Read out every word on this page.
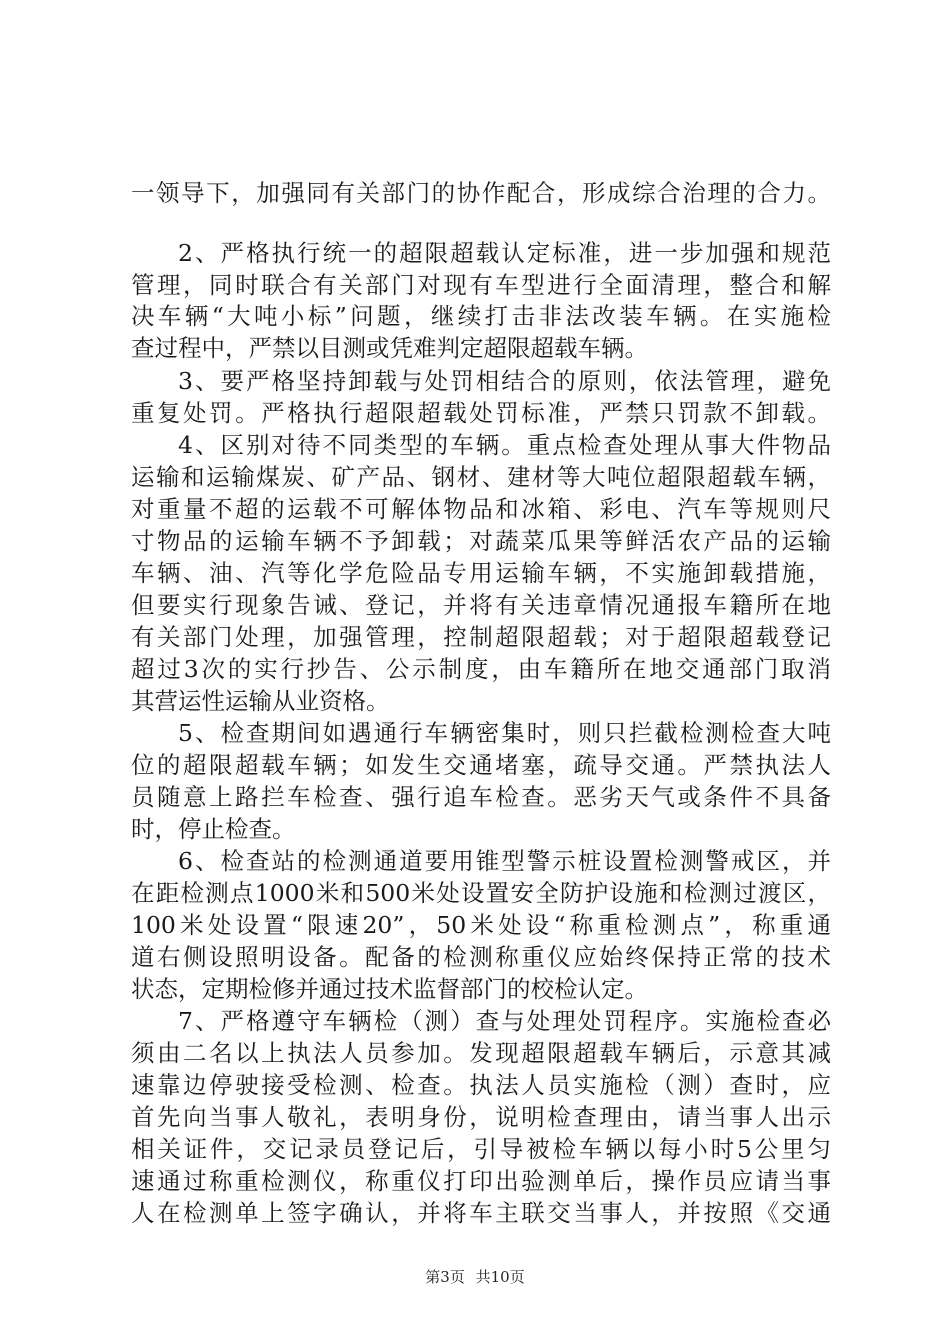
一领导下，加强同有关部门的协作配合，形成综合治理的合力。
2、严格执行统一的超限超载认定标准，进一步加强和规范
管理，同时联合有关部门对现有车型进行全面清理，整合和解
决车辆“大吨小标”问题，继续打击非法改装车辆。在实施检
查过程中，严禁以目测或凭难判定超限超载车辆。
3、要严格坚持卸载与处罚相结合的原则，依法管理，避免
重复处罚。严格执行超限超载处罚标准，严禁只罚款不卸载。
4、区别对待不同类型的车辆。重点检查处理从事大件物品
运输和运输煤炭、矿产品、钢材、建材等大吨位超限超载车辆，
对重量不超的运载不可解体物品和冰箱、彩电、汽车等规则尺
寸物品的运输车辆不予卸载；对蔬菜瓜果等鲜活农产品的运输
车辆、油、汽等化学危险品专用运输车辆，不实施卸载措施，
但要实行现象告诫、登记，并将有关违章情况通报车籍所在地
有关部门处理，加强管理，控制超限超载；对于超限超载登记
超过3次的实行抄告、公示制度，由车籍所在地交通部门取消
其营运性运输从业资格。
5、检查期间如遇通行车辆密集时，则只拦截检测检查大吨
位的超限超载车辆；如发生交通堵塞，疏导交通。严禁执法人
员随意上路拦车检查、强行追车检查。恶劣天气或条件不具备
时，停止检查。
6、检查站的检测通道要用锥型警示桩设置检测警戒区，并
在距检测点1000米和500米处设置安全防护设施和检测过渡区，
100米处设置“限速20”，50米处设“称重检测点”，称重通
道右侧设照明设备。配备的检测称重仪应始终保持正常的技术
状态，定期检修并通过技术监督部门的校检认定。
7、严格遵守车辆检（测）查与处理处罚程序。实施检查必
须由二名以上执法人员参加。发现超限超载车辆后，示意其减
速靠边停驶接受检测、检查。执法人员实施检（测）查时，应
首先向当事人敬礼，表明身份，说明检查理由，请当事人出示
相关证件，交记录员登记后，引导被检车辆以每小时5公里匀
速通过称重检测仪，称重仪打印出验测单后，操作员应请当事
人在检测单上签字确认，并将车主联交当事人，并按照《交通
第3页 共10页
